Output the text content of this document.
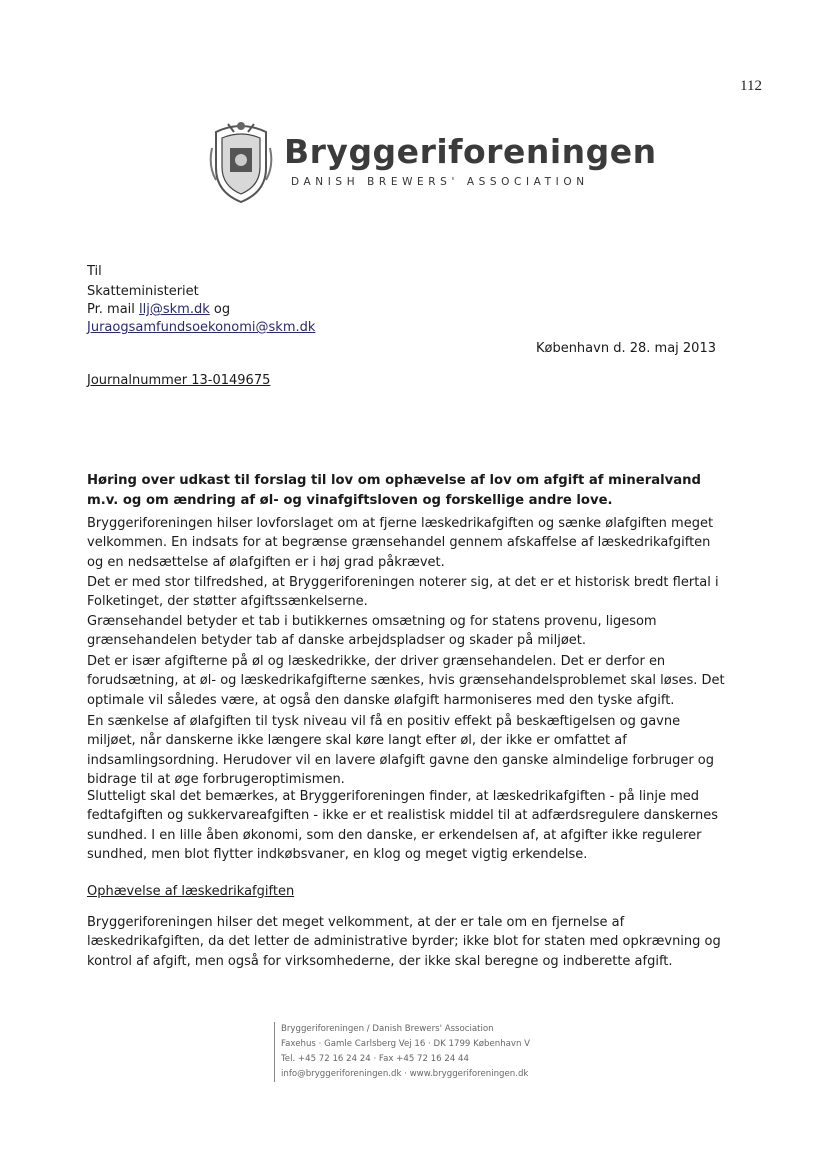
112
Bryggeriforeningen
DANISH BREWERS' ASSOCIATION
Til
Skatteministeriet
Pr. mail llj@skm.dk og
Juraogsamfundsoekonomi@skm.dk
København d. 28. maj 2013
Journalnummer 13-0149675
Høring over udkast til forslag til lov om ophævelse af lov om afgift af mineralvand m.v. og om ændring af øl- og vinafgiftsloven og forskellige andre love.
Bryggeriforeningen hilser lovforslaget om at fjerne læskedrikafgiften og sænke ølafgiften meget velkommen. En indsats for at begrænse grænsehandel gennem afskaffelse af læskedrikafgiften og en nedsættelse af ølafgiften er i høj grad påkrævet.
Det er med stor tilfredshed, at Bryggeriforeningen noterer sig, at det er et historisk bredt flertal i Folketinget, der støtter afgiftssænkelserne.
Grænsehandel betyder et tab i butikkernes omsætning og for statens provenu, ligesom grænsehandelen betyder tab af danske arbejdspladser og skader på miljøet.
Det er især afgifterne på øl og læskedrikke, der driver grænsehandelen. Det er derfor en forudsætning, at øl- og læskedrikafgifterne sænkes, hvis grænsehandelsproblemet skal løses. Det optimale vil således være, at også den danske ølafgift harmoniseres med den tyske afgift.
En sænkelse af ølafgiften til tysk niveau vil få en positiv effekt på beskæftigelsen og gavne miljøet, når danskerne ikke længere skal køre langt efter øl, der ikke er omfattet af indsamlingsordning. Herudover vil en lavere ølafgift gavne den ganske almindelige forbruger og bidrage til at øge forbrugeroptimismen.
Slutteligt skal det bemærkes, at Bryggeriforeningen finder, at læskedrikafgiften - på linje med fedtafgiften og sukkervareafgiften - ikke er et realistisk middel til at adfærdsregulere danskernes sundhed. I en lille åben økonomi, som den danske, er erkendelsen af, at afgifter ikke regulerer sundhed, men blot flytter indkøbsvaner, en klog og meget vigtig erkendelse.
Ophævelse af læskedrikafgiften
Bryggeriforeningen hilser det meget velkomment, at der er tale om en fjernelse af læskedrikafgiften, da det letter de administrative byrder; ikke blot for staten med opkrævning og kontrol af afgift, men også for virksomhederne, der ikke skal beregne og indberette afgift.
Bryggeriforeningen / Danish Brewers' Association
Faxehus · Gamle Carlsberg Vej 16 · DK 1799 København V
Tel. +45 72 16 24 24 · Fax +45 72 16 24 44
info@bryggeriforeningen.dk · www.bryggeriforeningen.dk
